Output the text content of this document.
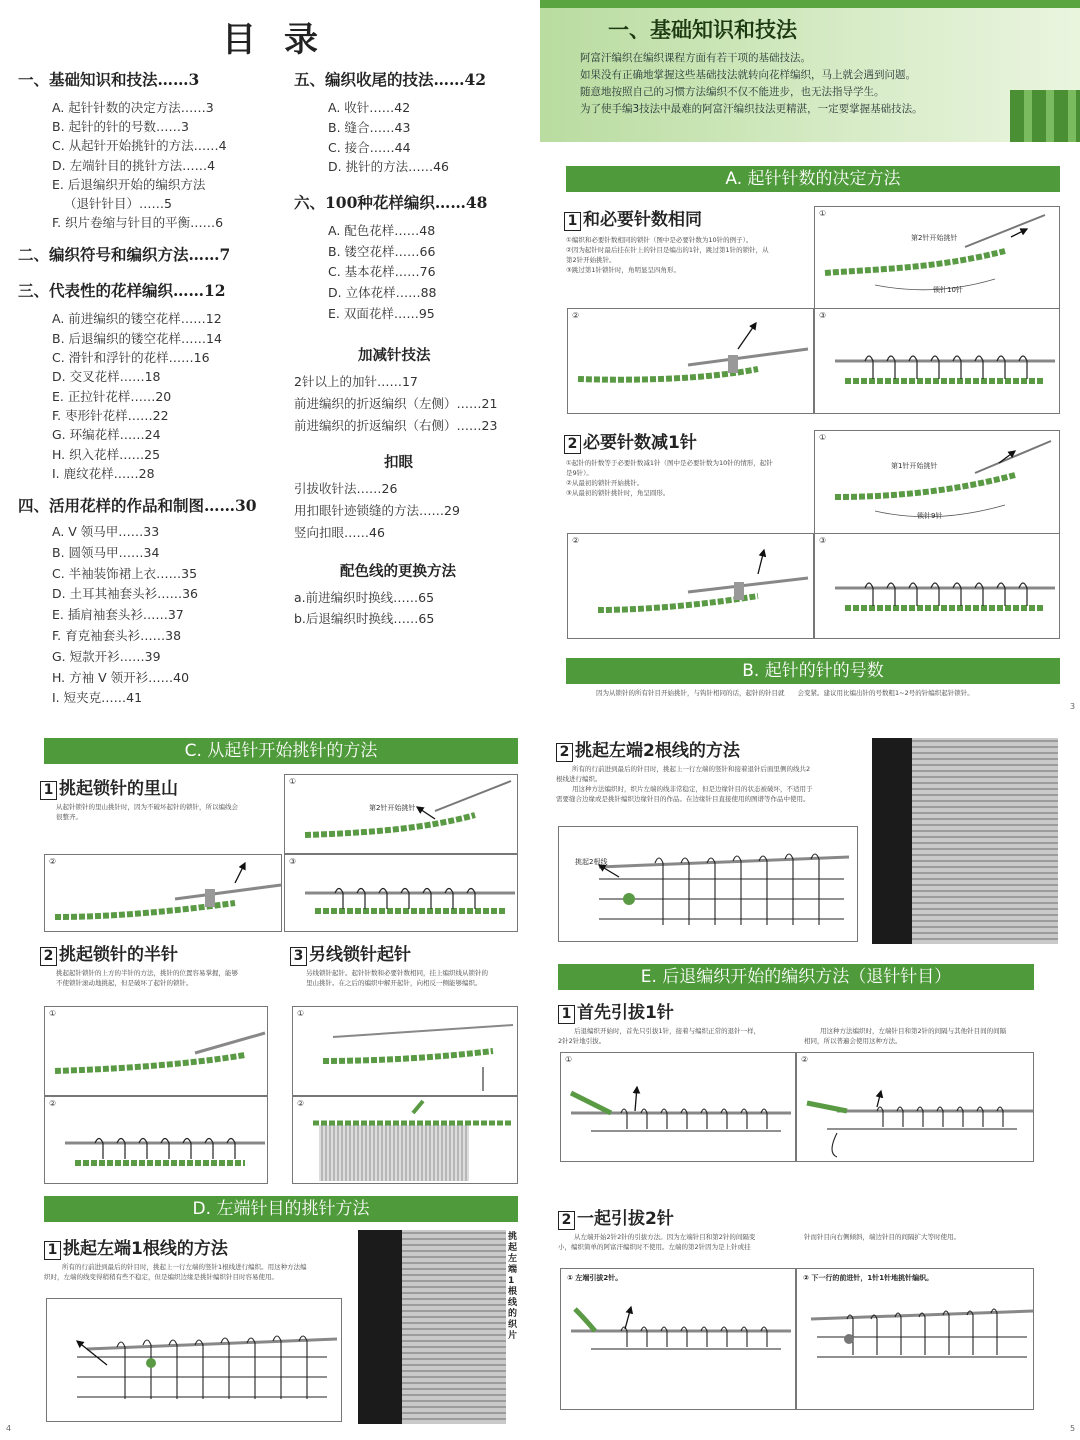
目录
一、基础知识和技法……3
A. 起针针数的决定方法……3
B. 起针的针的号数……3
C. 从起针开始挑针的方法……4
D. 左端针目的挑针方法……4
E. 后退编织开始的编织方法
（退针针目）……5
F. 织片卷缩与针目的平衡……6
二、编织符号和编织方法……7
三、代表性的花样编织……12
A. 前进编织的镂空花样……12
B. 后退编织的镂空花样……14
C. 滑针和浮针的花样……16
D. 交叉花样……18
E. 正拉针花样……20
F. 枣形针花样……22
G. 环编花样……24
H. 织入花样……25
I. 鹿纹花样……28
四、活用花样的作品和制图……30
A. V 领马甲……33
B. 圆领马甲……34
C. 半袖装饰裙上衣……35
D. 土耳其袖套头衫……36
E. 插肩袖套头衫……37
F. 育克袖套头衫……38
G. 短款开衫……39
H. 方袖 V 领开衫……40
I. 短夹克……41
五、编织收尾的技法……42
A. 收针……42
B. 缝合……43
C. 接合……44
D. 挑针的方法……46
六、100种花样编织……48
A. 配色花样……48
B. 镂空花样……66
C. 基本花样……76
D. 立体花样……88
E. 双面花样……95
加减针技法
2针以上的加针……17
前进编织的折返编织（左侧）……21
前进编织的折返编织（右侧）……23
扣眼
引拔收针法……26
用扣眼针迹锁缝的方法……29
竖向扣眼……46
配色线的更换方法
a.前进编织时换线……65
b.后退编织时换线……65
一、基础知识和技法
阿富汗编织在编织课程方面有若干项的基础技法。
如果没有正确地掌握这些基础技法就转向花样编织，马上就会遇到问题。
随意地按照自己的习惯方法编织不仅不能进步，也无法指导学生。
为了使手编3技法中最难的阿富汗编织技法更精湛，一定要掌握基础技法。
A. 起针针数的决定方法
1 和必要针数相同
①编织和必要针数相同的锁针（图中是必要针数为10针的例子）。
②因为起针时最后挂在针上的针目是编出的1针，跳过第1针的锁针，从
第2针开始挑针。
③跳过第1针锁针时，角明显呈四角形。
①
第2针开始挑针
锁针10针
②	③
2 必要针数减1针
①起针的针数等于必要针数减1针（图中是必要针数为10针的情形，起针
是9针）。
②从最初的锁针开始挑针。
③从最初的锁针挑针时，角呈圆形。
①
第1针开始挑针
锁针9针
②	③
B. 起针的针的号数
因为从锁针的所有针目开始挑针，与钩针相同的话，起针的针目就　　会变紧。建议用比编出针的号数粗1~2号的针编织起针锁针。
3
C. 从起针开始挑针的方法
1 挑起锁针的里山
从起针锁针的里山挑针时，因为不破坏起针的锁针，所以编线会
很整齐。
①
第2针开始挑针
②	③
2 挑起锁针的半针
挑起起针锁针的上方的半针的方法，挑针的位置容易掌握，能够
不使锁针滚动地挑起，但是破坏了起针的锁针。
3 另线锁针起针
另线锁针起针。起针针数和必要针数相同，挂上编织线从锁针的
里山挑针。在之后的编织中解开起针，向相反一侧能够编织。
①
②
①
②
D. 左端针目的挑针方法
1 挑起左端1根线的方法
所有的行前进到最后的针目时，挑起上一行左端的竖针1根线进行编织。用这种方法编
织时，左端的线变得稍稍有些不稳定，但是编织边缘是挑针编织针目时容易使用。
挑起左端1根线的织片
4
2 挑起左端2根线的方法
所有的行前进到最后的针目时，挑起上一行左端的竖针和接着退针后面里侧的线共2
根线进行编织。
用这种方法编织时，织片左端的线非常稳定，但是边缘针目的状态被破坏，不适用于
需要缝合边缘或是挑针编织边缘针目的作品。在边缘针目直接使用的图谱等作品中使用。
挑起2根线
E. 后退编织开始的编织方法（退针针目）
1 首先引拔1针
后退编织开始时，首先只引拔1针，接着与编织正常的退针一样，
2针2针地引拔。
用这种方法编织时，左端针目和第2针的间隔与其他针目间的间隔
相同，所以普遍会使用这种方法。
①	②
2 一起引拔2针
从左端开始2针2针的引拔方法。因为左端针目和第2针的间隔变
小，编织简单的阿富汗编织时不使用。左端的第2针因为是上针或挂
针而针目向右侧倾斜，端边针目的间隔扩大等时使用。
① 左端引拔2针。	② 下一行的前进针，1针1针地挑针编织。
5
